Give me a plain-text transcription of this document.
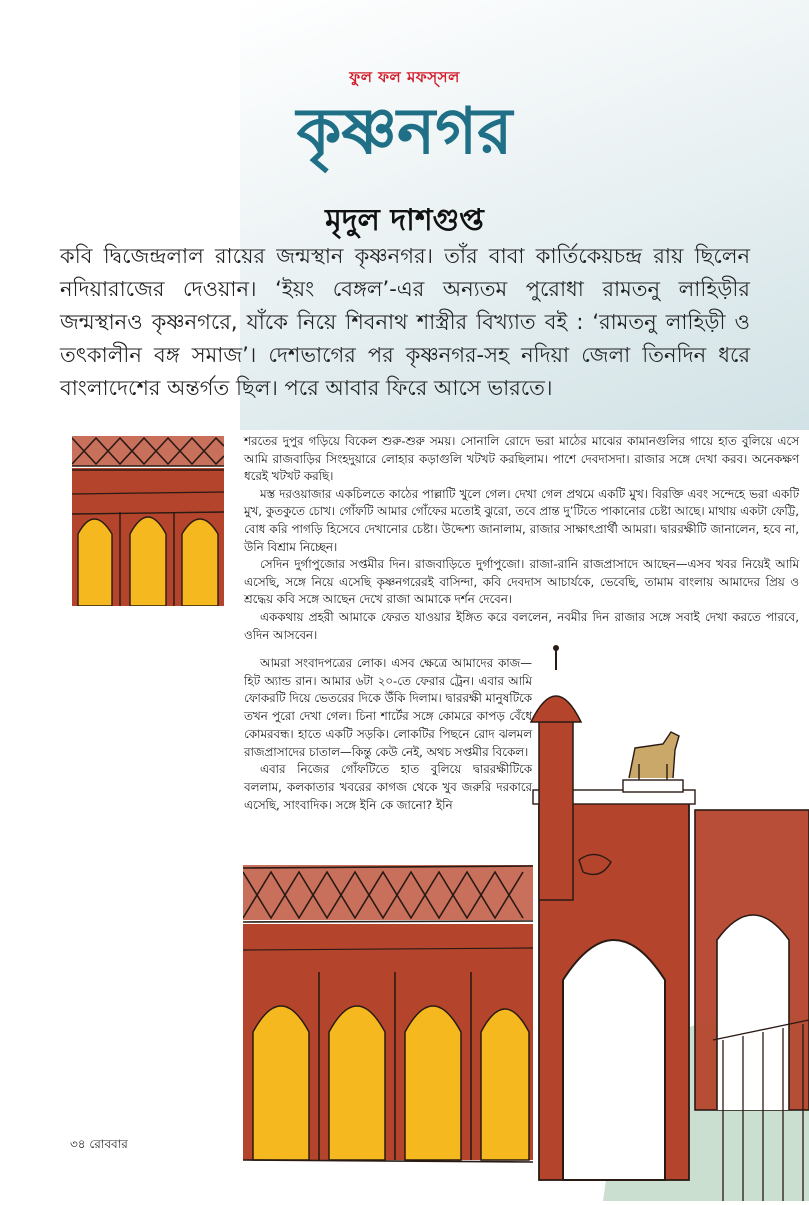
ফুল ফল মফস্‌সল
কৃষ্ণনগর
মৃদুল দাশগুপ্ত
কবি দ্বিজেন্দ্রলাল রায়ের জন্মস্থান কৃষ্ণনগর। তাঁর বাবা কার্তিকেয়চন্দ্র রায় ছিলেন নদিয়ারাজের দেওয়ান। ‘ইয়ং বেঙ্গল’-এর অন্যতম পুরোধা রামতনু লাহিড়ীর জন্মস্থানও কৃষ্ণনগরে, যাঁকে নিয়ে শিবনাথ শাস্ত্রীর বিখ্যাত বই : ‘রামতনু লাহিড়ী ও তৎকালীন বঙ্গ সমাজ’। দেশভাগের পর কৃষ্ণনগর-সহ নদিয়া জেলা তিনদিন ধরে বাংলাদেশের অন্তর্গত ছিল। পরে আবার ফিরে আসে ভারতে।

শরতের দুপুর গড়িয়ে বিকেল শুরু-শুরু সময়। সোনালি রোদে ভরা মাঠের মাঝের কামানগুলির গায়ে হাত বুলিয়ে এসে আমি রাজবাড়ির সিংহদুয়ারে লোহার কড়াগুলি খটখট করছিলাম। পাশে দেবদাসদা। রাজার সঙ্গে দেখা করব। অনেকক্ষণ ধরেই খটখট করছি।

মস্ত দরওয়াজার একচিলতে কাঠের পাল্লাটি খুলে গেল। দেখা গেল প্রথমে একটি মুখ। বিরক্তি এবং সন্দেহে ভরা একটি মুখ, কুতকুতে চোখ। গোঁফটি আমার গোঁফের মতোই ঝুরো, তবে প্রান্ত দু’টিতে পাকানোর চেষ্টা আছে। মাথায় একটা ফেট্টি, বোধ করি পাগড়ি হিসেবে দেখানোর চেষ্টা। উদ্দেশ্য জানালাম, রাজার সাক্ষাৎপ্রার্থী আমরা। দ্বাররক্ষীটি জানালেন, হবে না, উনি বিশ্রাম নিচ্ছেন।

সেদিন দুর্গাপুজোর সপ্তমীর দিন। রাজবাড়িতে দুর্গাপুজো। রাজা-রানি রাজপ্রাসাদে আছেন—এসব খবর নিয়েই আমি এসেছি, সঙ্গে নিয়ে এসেছি কৃষ্ণনগরেরই বাসিন্দা, কবি দেবদাস আচার্যকে, ভেবেছি, তামাম বাংলায় আমাদের প্রিয় ও শ্রদ্ধেয় কবি সঙ্গে আছেন দেখে রাজা আমাকে দর্শন দেবেন।

এককথায় প্রহরী আমাকে ফেরত যাওয়ার ইঙ্গিত করে বললেন, নবমীর দিন রাজার সঙ্গে সবাই দেখা করতে পারবে, ওদিন আসবেন।

আমরা সংবাদপত্রের লোক। এসব ক্ষেত্রে আমাদের কাজ—হিট অ্যান্ড রান। আমার ৬টা ২০-তে ফেরার ট্রেন। এবার আমি ফোকরটি দিয়ে ভেতরের দিকে উঁকি দিলাম। দ্বাররক্ষী মানুষটিকে তখন পুরো দেখা গেল। চিনা শার্টের সঙ্গে কোমরে কাপড় বেঁধে কোমরবন্ধ। হাতে একটি সড়কি। লোকটির পিছনে রোদ ঝলমল রাজপ্রাসাদের চাতাল—কিন্তু কেউ নেই, অথচ সপ্তমীর বিকেল।

এবার নিজের গোঁফটিতে হাত বুলিয়ে দ্বাররক্ষীটিকে বললাম, কলকাতার খবরের কাগজ থেকে খুব জরুরি দরকারে এসেছি, সাংবাদিক। সঙ্গে ইনি কে জানো? ইনি

৩৪ রোববার
